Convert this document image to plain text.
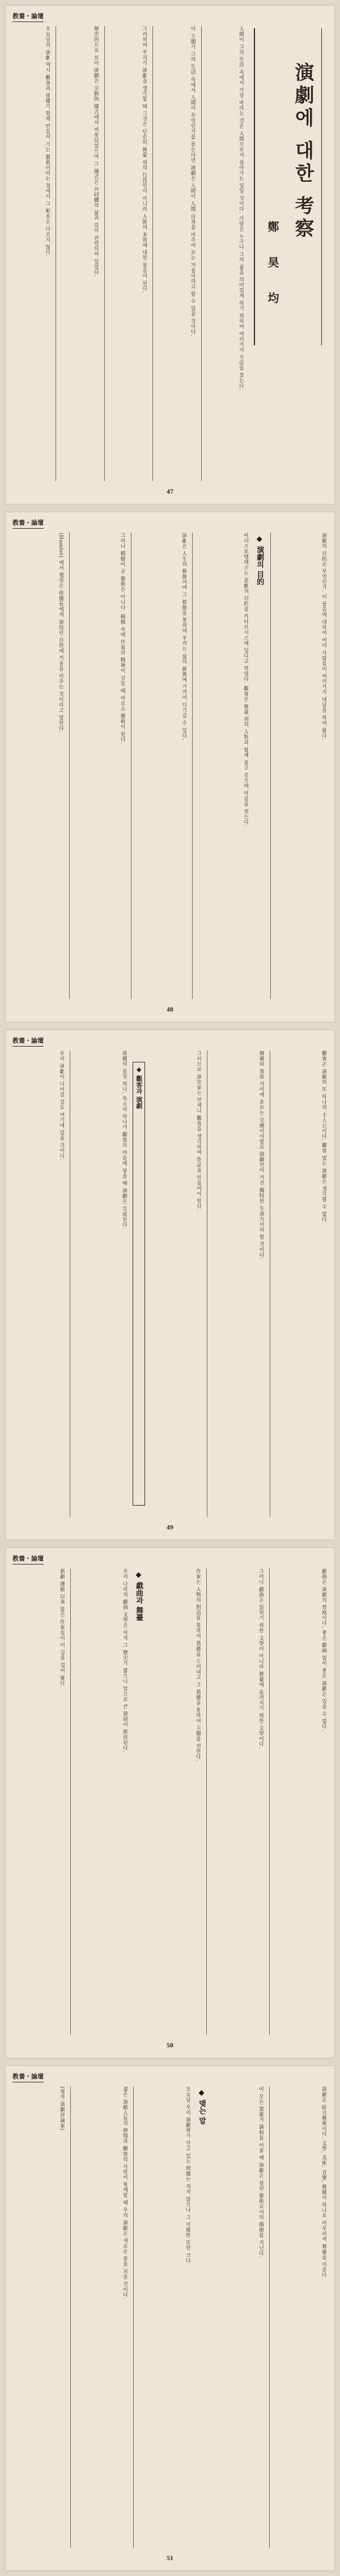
教養・論壇
演劇에 대한 考察
鄭 昊 均
人間이 그의 生活 속에서 가장 바라는 것은 人間으로서 살아가는 일일 것이다. 사람은 누구나 그의 삶을 의미있게 하기 위하여 여러가지 方法을 찾는다.
이 主題가 그의 生活 속에서 人間이 무엇인가를 묻는다면 演劇은 人間이 人間 自身을 비추어 보는 거울이라고 할 수 있을 것이다.
그리하여 우리가 演劇을 생각할 때 그것은 단순히 舞臺 위의 行爲만이 아니라 人間의 本質에 대한 물음이 된다.
歷史的으로 보아 演劇은 宗敎的 儀式에서 비롯되었으며 그 儀式은 共同體의 삶과 깊이 관련되어 있었다.
오늘날의 演劇 역시 觀客과 俳優가 함께 만들어 가는 藝術이라는 점에서 그 根本은 다르지 않다.
47
教養・論壇
演劇의 目的은 무엇인가. 이 물음에 대하여 여러 사람들이 여러가지 대답을 하여 왔다.
◆ 演劇의 目的
아리스토텔레스는 悲劇의 目的을 카타르시스에 있다고 하였다. 觀客은 舞臺 위의 人物과 함께 울고 웃으며 마음을 씻는다.
演劇은 人生의 模倣이며 그 模倣을 통하여 우리는 삶의 眞實에 가까이 다가갈 수 있다.
그러나 模倣이 곧 藝術은 아니다. 模倣 속에 作家의 精神이 깃들 때 비로소 藝術이 된다.
(Hamlet) 에서 햄릿은 俳優들에게 演技란 自然에 거울을 비추는 것이라고 말한다.
48
教養・論壇
觀客은 演劇의 또 하나의 主人公이다. 觀客 없는 演劇은 생각할 수 없다.
舞臺와 客席 사이에 흐르는 交感이야말로 演劇만이 가진 獨特한 生命力이라 할 것이다.
그러므로 演出家는 언제나 觀客을 생각하며 作品을 만들어야 한다.
◆ 觀客과 演劇
俳優의 몸짓 하나, 목소리 하나가 觀客의 마음에 닿을 때 演劇은 完成된다.
우리 演劇이 나아갈 길도 여기에 있을 것이다.
49
教養・論壇
戱曲은 演劇의 骨格이다. 좋은 戱曲 없이 좋은 演劇은 있을 수 없다.
그러나 戱曲은 읽히기 위한 文學이 아니라 舞臺에 올려지기 위한 文學이다.
作家는 人物의 對話를 통하여 葛藤을 드러내고 그 葛藤을 통하여 主題를 전한다.
◆ 戱曲과 舞臺
우리 나라의 戱曲 文學은 아직 그 歷史가 짧으나 앞으로 큰 發展이 期待된다.
新劇 運動 以來 많은 作家들이 이 길을 걸어 왔다.
50
教養・論壇
演劇은 綜合藝術이다. 文學, 美術, 音樂, 舞踊이 하나로 어우러져 舞臺를 이룬다.
이 모든 要素가 調和를 이룰 때 演劇은 참된 藝術로서의 價値를 지닌다.
◆ 맺는 말
오늘날 우리 演劇界가 안고 있는 問題는 적지 않으나 그 可能性 또한 크다.
젊은 演劇人들의 熱情과 觀客의 사랑이 함께할 때 우리 演劇은 새로운 꽃을 피울 것이다.
(필자·演劇評論家)
51
